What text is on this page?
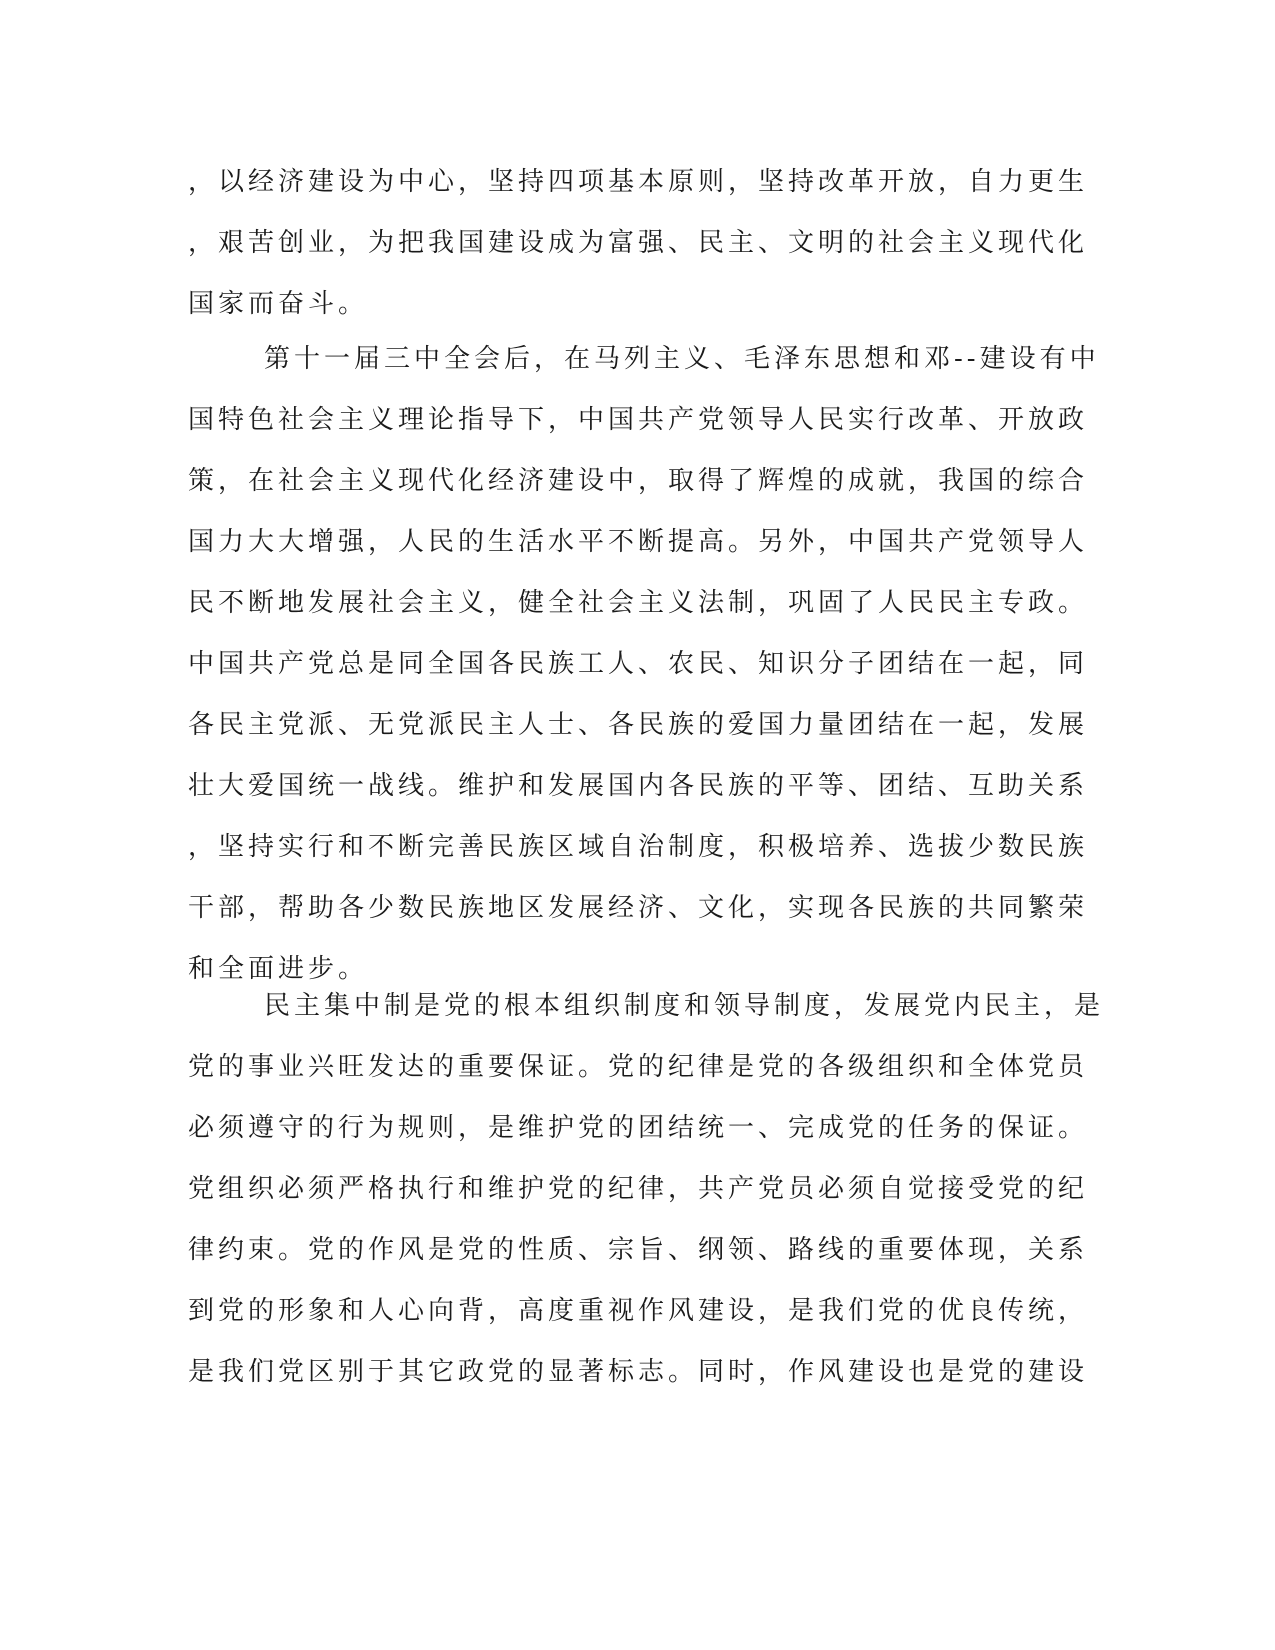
，以经济建设为中心，坚持四项基本原则，坚持改革开放，自力更生
，艰苦创业，为把我国建设成为富强、民主、文明的社会主义现代化
国家而奋斗。
第十一届三中全会后，在马列主义、毛泽东思想和邓--建设有中
国特色社会主义理论指导下，中国共产党领导人民实行改革、开放政
策，在社会主义现代化经济建设中，取得了辉煌的成就，我国的综合
国力大大增强，人民的生活水平不断提高。另外，中国共产党领导人
民不断地发展社会主义，健全社会主义法制，巩固了人民民主专政。
中国共产党总是同全国各民族工人、农民、知识分子团结在一起，同
各民主党派、无党派民主人士、各民族的爱国力量团结在一起，发展
壮大爱国统一战线。维护和发展国内各民族的平等、团结、互助关系
，坚持实行和不断完善民族区域自治制度，积极培养、选拔少数民族
干部，帮助各少数民族地区发展经济、文化，实现各民族的共同繁荣
和全面进步。
民主集中制是党的根本组织制度和领导制度，发展党内民主，是
党的事业兴旺发达的重要保证。党的纪律是党的各级组织和全体党员
必须遵守的行为规则，是维护党的团结统一、完成党的任务的保证。
党组织必须严格执行和维护党的纪律，共产党员必须自觉接受党的纪
律约束。党的作风是党的性质、宗旨、纲领、路线的重要体现，关系
到党的形象和人心向背，高度重视作风建设，是我们党的优良传统，
是我们党区别于其它政党的显著标志。同时，作风建设也是党的建设
